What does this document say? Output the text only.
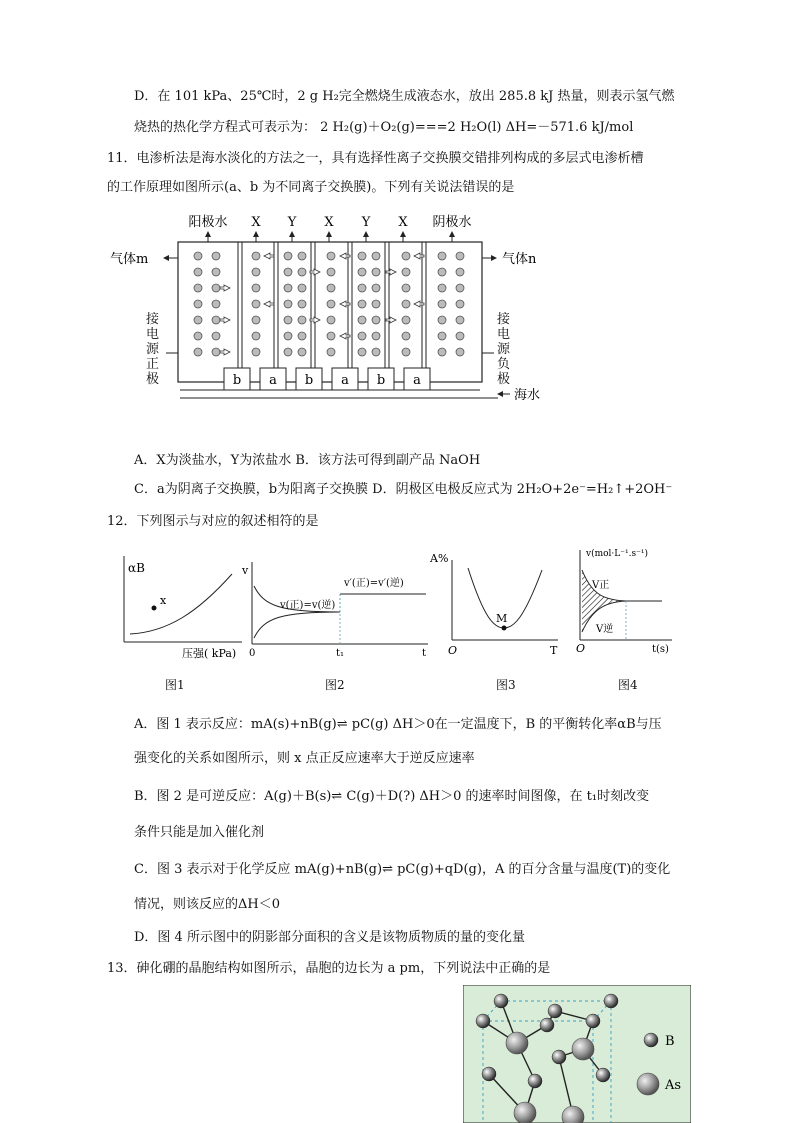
D．在 101 kPa、25℃时，2 g H₂完全燃烧生成液态水，放出 285.8 kJ 热量，则表示氢气燃
烧热的热化学方程式可表示为： 2 H₂(g)＋O₂(g)===2 H₂O(l) ΔH=－571.6 kJ/mol
11．电渗析法是海水淡化的方法之一，具有选择性离子交换膜交错排列构成的多层式电渗析槽
的工作原理如图所示(a、b 为不同离子交换膜)。下列有关说法错误的是
阳极水 X Y X Y X 阴极水
气体m	气体n
b a b a b a
海水
接电源正极
接电源负极
A．X为淡盐水，Y为浓盐水 B．该方法可得到副产品 NaOH
C．a为阴离子交换膜，b为阳离子交换膜 D．阴极区电极反应式为 2H₂O+2e⁻=H₂↑+2OH⁻
12．下列图示与对应的叙述相符的是
αB
x
压强( kPa)
图1
v
v(正)=v(逆)
v′(正)=v′(逆)
0	t₁	t
图2
A%
M
O	T
图3
v(mol·L⁻¹.s⁻¹)
V正
V逆
O	t(s)
图4
A．图 1 表示反应：mA(s)+nB(g)⇌ pC(g) ΔH＞0在一定温度下，B 的平衡转化率αB与压
强变化的关系如图所示，则 x 点正反应速率大于逆反应速率
B．图 2 是可逆反应：A(g)＋B(s)⇌ C(g)＋D(?) ΔH＞0 的速率时间图像，在 t₁时刻改变
条件只能是加入催化剂
C．图 3 表示对于化学反应 mA(g)+nB(g)⇌ pC(g)+qD(g)，A 的百分含量与温度(T)的变化
情况，则该反应的ΔH＜0
D．图 4 所示图中的阴影部分面积的含义是该物质物质的量的变化量
13．砷化硼的晶胞结构如图所示，晶胞的边长为 a pm，下列说法中正确的是
B
As
